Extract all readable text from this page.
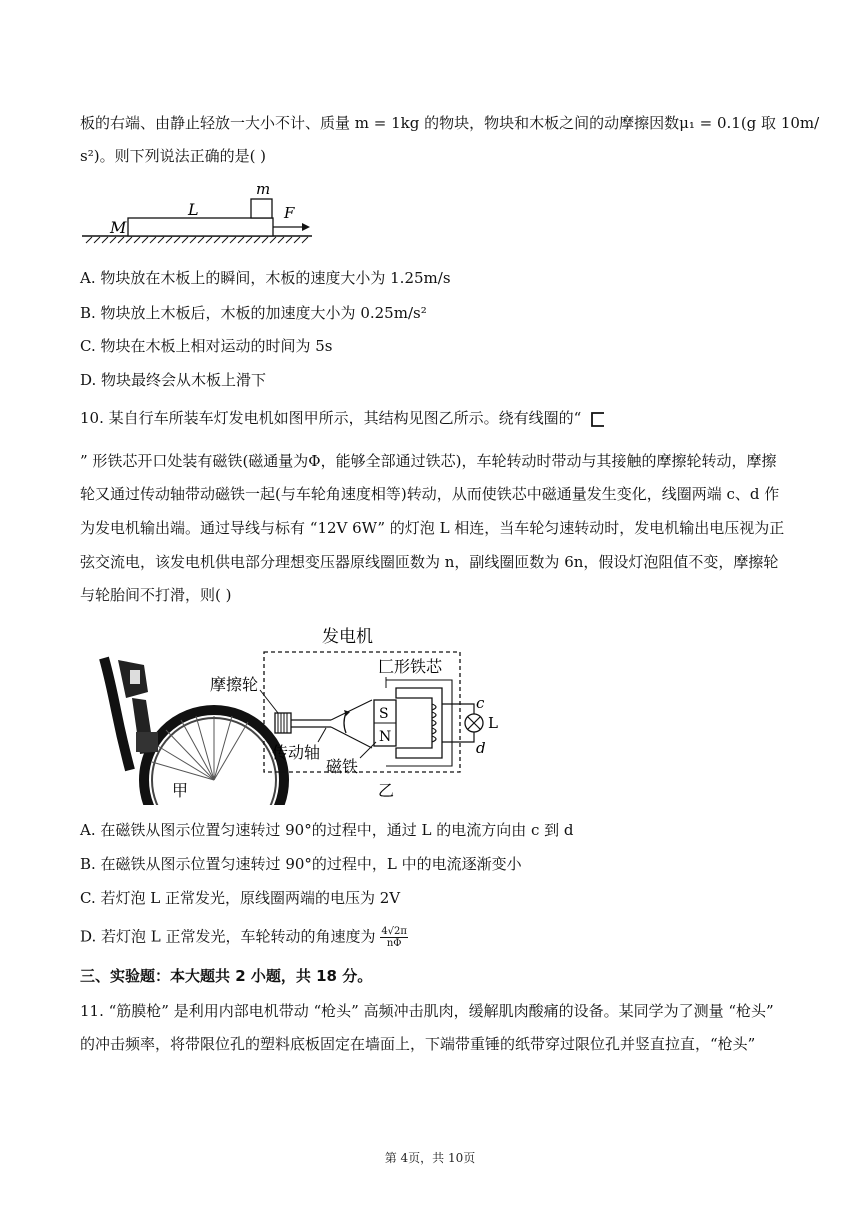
板的右端、由静止轻放一大小不计、质量 m = 1kg 的物块，物块和木板之间的动摩擦因数μ₁ = 0.1(g 取 10m/
s²)。则下列说法正确的是( )
M
L
m
F
A. 物块放在木板上的瞬间，木板的速度大小为 1.25m/s
B. 物块放上木板后，木板的加速度大小为 0.25m/s²
C. 物块在木板上相对运动的时间为 5s
D. 物块最终会从木板上滑下
10. 某自行车所装车灯发电机如图甲所示，其结构见图乙所示。绕有线圈的“
” 形铁芯开口处装有磁铁(磁通量为Φ，能够全部通过铁芯)，车轮转动时带动与其接触的摩擦轮转动，摩擦
轮又通过传动轴带动磁铁一起(与车轮角速度相等)转动，从而使铁芯中磁通量发生变化，线圈两端 c、d 作
为发电机输出端。通过导线与标有 “12V 6W” 的灯泡 L 相连，当车轮匀速转动时，发电机输出电压视为正
弦交流电，该发电机供电部分理想变压器原线圈匝数为 n，副线圈匝数为 6n，假设灯泡阻值不变，摩擦轮
与轮胎间不打滑，则( )
S
N
c
L
d
发电机
摩擦轮
匚形铁芯
传动轴
磁铁
甲	乙
A. 在磁铁从图示位置匀速转过 90°的过程中，通过 L 的电流方向由 c 到 d
B. 在磁铁从图示位置匀速转过 90°的过程中，L 中的电流逐渐变小
C. 若灯泡 L 正常发光，原线圈两端的电压为 2V
D. 若灯泡 L 正常发光，车轮转动的角速度为 $\frac{4√2\pi}{n\Phi}$
三、实验题：本大题共 2 小题，共 18 分。
11. “筋膜枪” 是利用内部电机带动 “枪头” 高频冲击肌肉，缓解肌肉酸痛的设备。某同学为了测量 “枪头”
的冲击频率，将带限位孔的塑料底板固定在墙面上，下端带重锤的纸带穿过限位孔并竖直拉直，“枪头”
第 4页，共 10页
